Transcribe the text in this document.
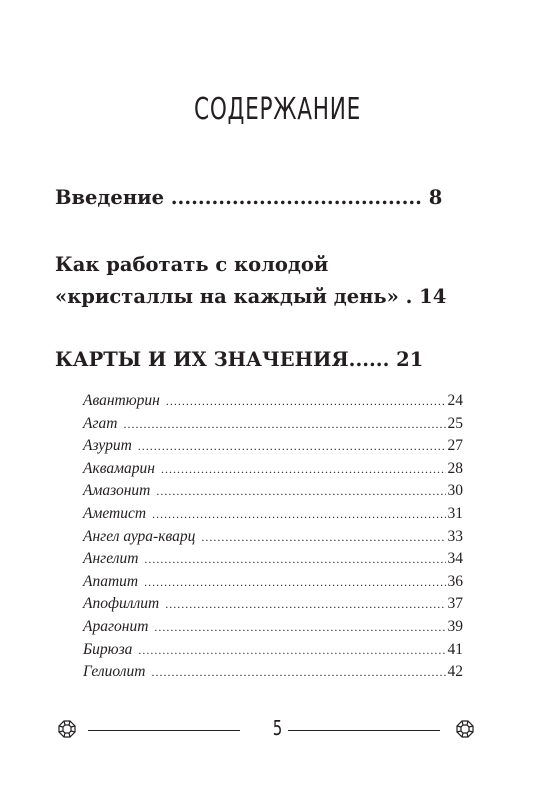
СОДЕРЖАНИЕ
Введение ..................................... 8
Как работать с колодой
«кристаллы на каждый день» . 14
КАРТЫ И ИХ ЗНАЧЕНИЯ...... 21
Авантюрин .....	24
Агат .....	25
Азурит .....	27
Аквамарин .....	28
Амазонит .....	30
Аметист .....	31
Ангел аура-кварц .....	33
Ангелит .....	34
Апатит .....	36
Апофиллит .....	37
Арагонит .....	39
Бирюза .....	41
Гелиолит .....	42
5
